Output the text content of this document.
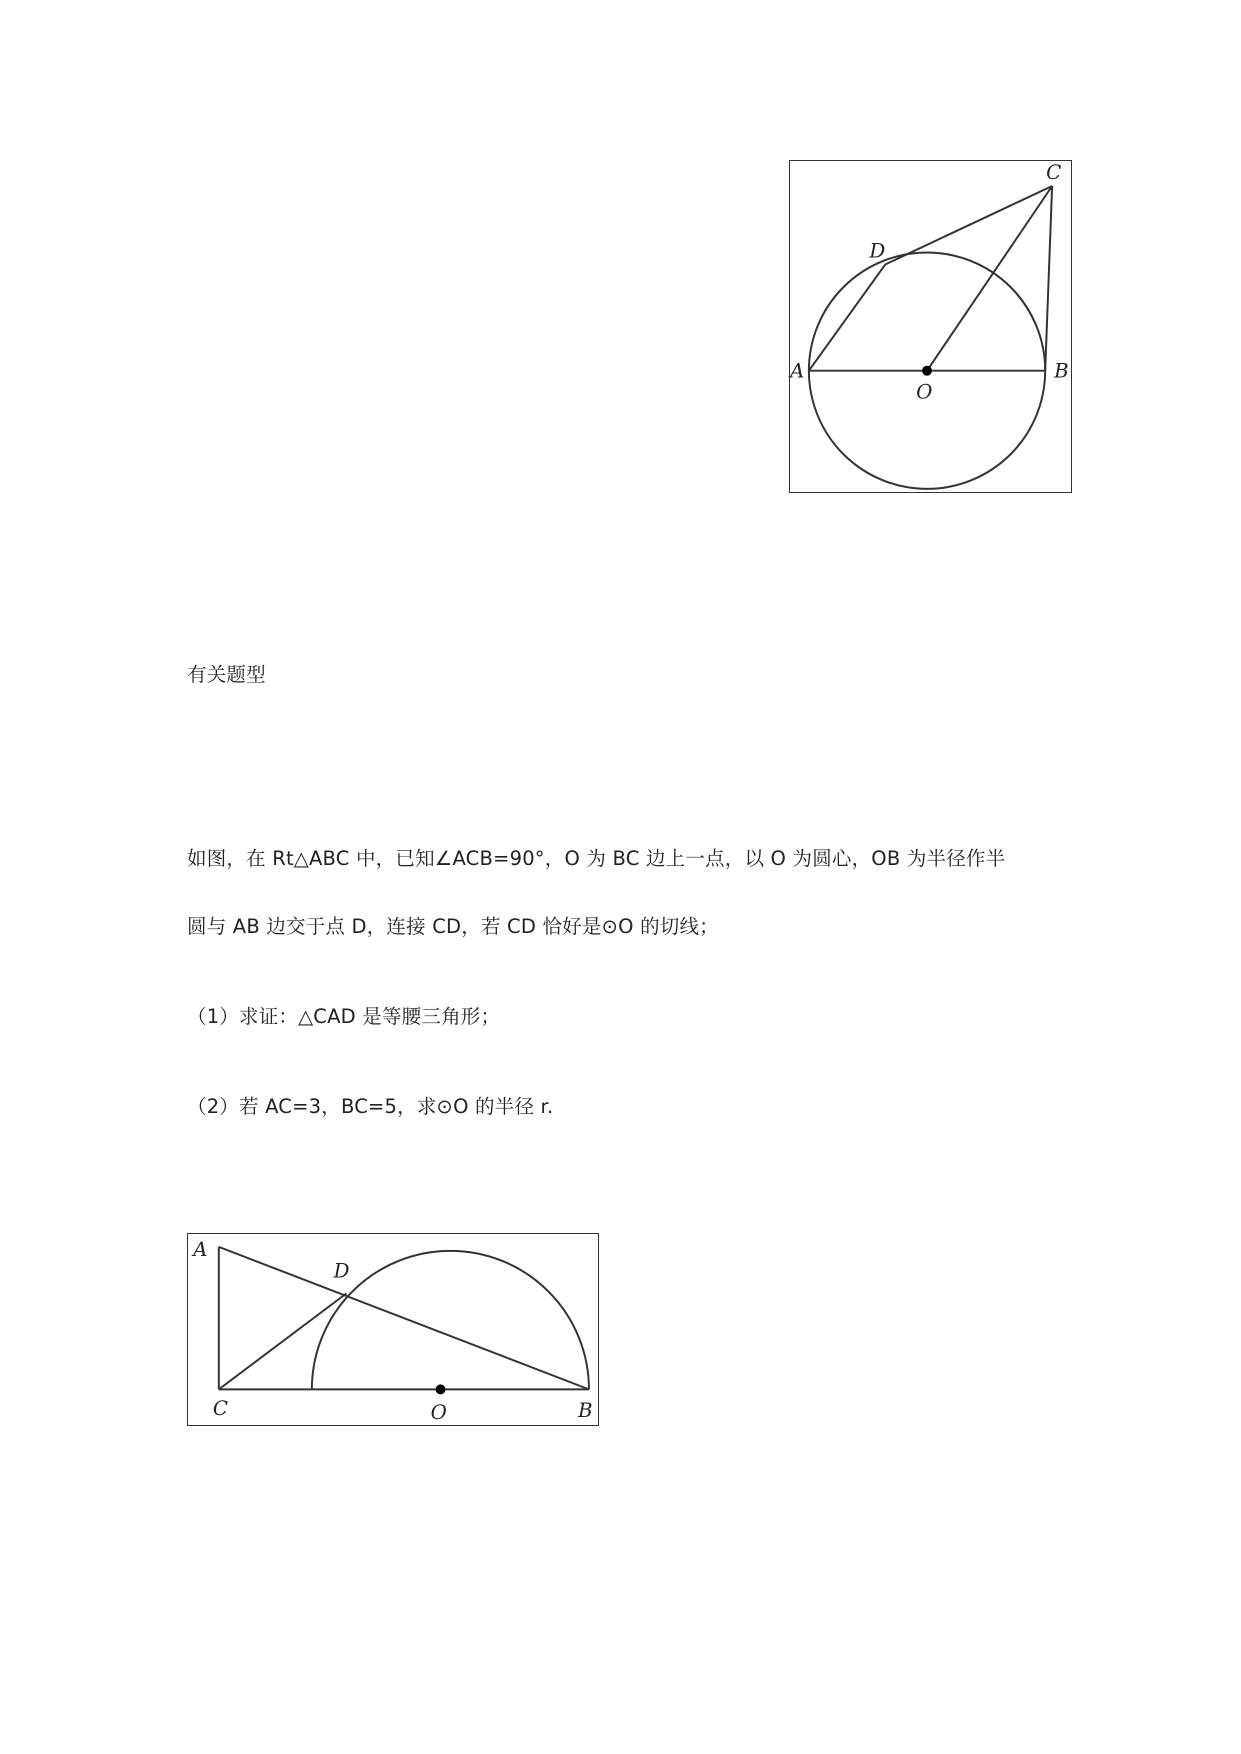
A	B
C
D
O
有关题型
如图，在 Rt△ABC 中，已知∠ACB=90°，O 为 BC 边上一点，以 O 为圆心，OB 为半径作半
圆与 AB 边交于点 D，连接 CD，若 CD 恰好是⊙O 的切线；
（1）求证：△CAD 是等腰三角形；
（2）若 AC=3，BC=5，求⊙O 的半径 r.
A
D
C	O	B
